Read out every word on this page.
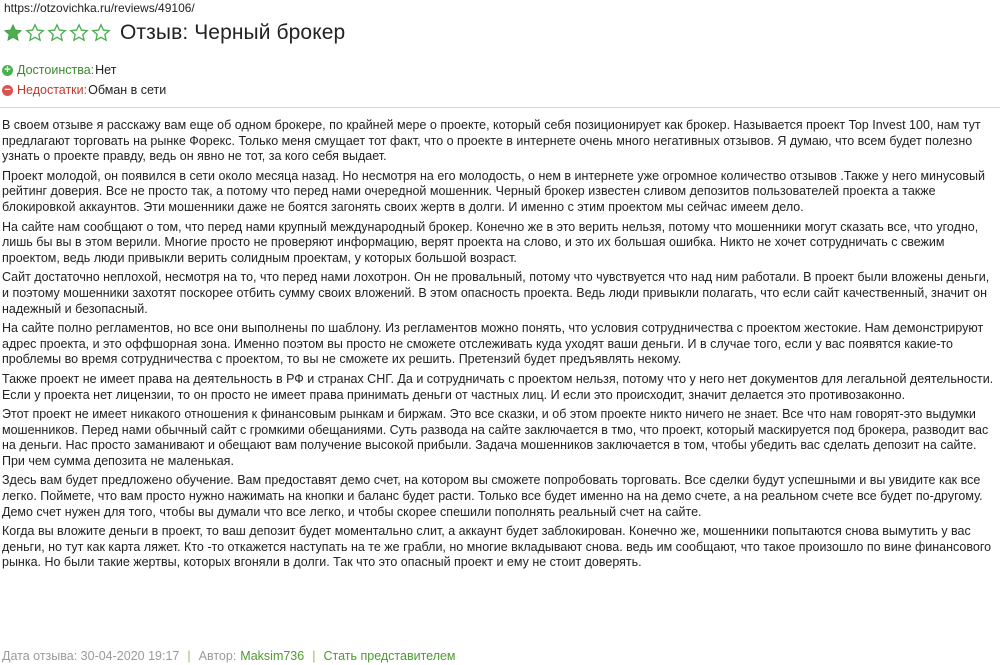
https://otzovichka.ru/reviews/49106/
Отзыв: Черный брокер
+ Достоинства: Нет
− Недостатки: Обман в сети

В своем отзыве я расскажу вам еще об одном брокере, по крайней мере о проекте, который себя позиционирует как брокер. Называется проект Top Invest 100, нам тут предлагают торговать на рынке Форекс. Только меня смущает тот факт, что о проекте в интернете очень много негативных отзывов. Я думаю, что всем будет полезно узнать о проекте правду, ведь он явно не тот, за кого себя выдает.

Проект молодой, он появился в сети около месяца назад. Но несмотря на его молодость, о нем в интернете уже огромное количество отзывов .Также у него минусовый рейтинг доверия. Все не просто так, а потому что перед нами очередной мошенник. Черный брокер известен сливом депозитов пользователей проекта а также блокировкой аккаунтов. Эти мошенники даже не боятся загонять своих жертв в долги. И именно с этим проектом мы сейчас имеем дело.

На сайте нам сообщают о том, что перед нами крупный международный брокер. Конечно же в это верить нельзя, потому что мошенники могут сказать все, что угодно, лишь бы вы в этом верили. Многие просто не проверяют информацию, верят проекта на слово, и это их большая ошибка. Никто не хочет сотрудничать с свежим проектом, ведь люди привыкли верить солидным проектам, у которых большой возраст.

Сайт достаточно неплохой, несмотря на то, что перед нами лохотрон. Он не провальный, потому что чувствуется что над ним работали. В проект были вложены деньги, и поэтому мошенники захотят поскорее отбить сумму своих вложений. В этом опасность проекта. Ведь люди привыкли полагать, что если сайт качественный, значит он надежный и безопасный.

На сайте полно регламентов, но все они выполнены по шаблону. Из регламентов можно понять, что условия сотрудничества с проектом жестокие. Нам демонстрируют адрес проекта, и это оффшорная зона. Именно поэтом вы просто не сможете отслеживать куда уходят ваши деньги. И в случае того, если у вас появятся какие-то проблемы во время сотрудничества с проектом, то вы не сможете их решить. Претензий будет предъявлять некому.

Также проект не имеет права на деятельность в РФ и странах СНГ. Да и сотрудничать с проектом нельзя, потому что у него нет документов для легальной деятельности. Если у проекта нет лицензии, то он просто не имеет права принимать деньги от частных лиц. И если это происходит, значит делается это противозаконно.

Этот проект не имеет никакого отношения к финансовым рынкам и биржам. Это все сказки, и об этом проекте никто ничего не знает. Все что нам говорят-это выдумки мошенников. Перед нами обычный сайт с громкими обещаниями. Суть развода на сайте заключается в тмо, что проект, который маскируется под брокера, разводит вас на деньги. Нас просто заманивают и обещают вам получение высокой прибыли. Задача мошенников заключается в том, чтобы убедить вас сделать депозит на сайте. При чем сумма депозита не маленькая.

Здесь вам будет предложено обучение. Вам предоставят демо счет, на котором вы сможете попробовать торговать. Все сделки будут успешными и вы увидите как все легко. Поймете, что вам просто нужно нажимать на кнопки и баланс будет расти. Только все будет именно на на демо счете, а на реальном счете все будет по-другому. Демо счет нужен для того, чтобы вы думали что все легко, и чтобы скорее спешили пополнять реальный счет на сайте.

Когда вы вложите деньги в проект, то ваш депозит будет моментально слит, а аккаунт будет заблокирован. Конечно же, мошенники попытаются снова вымутить у вас деньги, но тут как карта ляжет. Кто -то откажется наступать на те же грабли, но многие вкладывают снова. ведь им сообщают, что такое произошло по вине финансового рынка. Но были такие жертвы, которых вгоняли в долги. Так что это опасный проект и ему не стоит доверять.

Дата отзыва: 30-04-2020 19:17 | Автор: Maksim736 | Стать представителем
